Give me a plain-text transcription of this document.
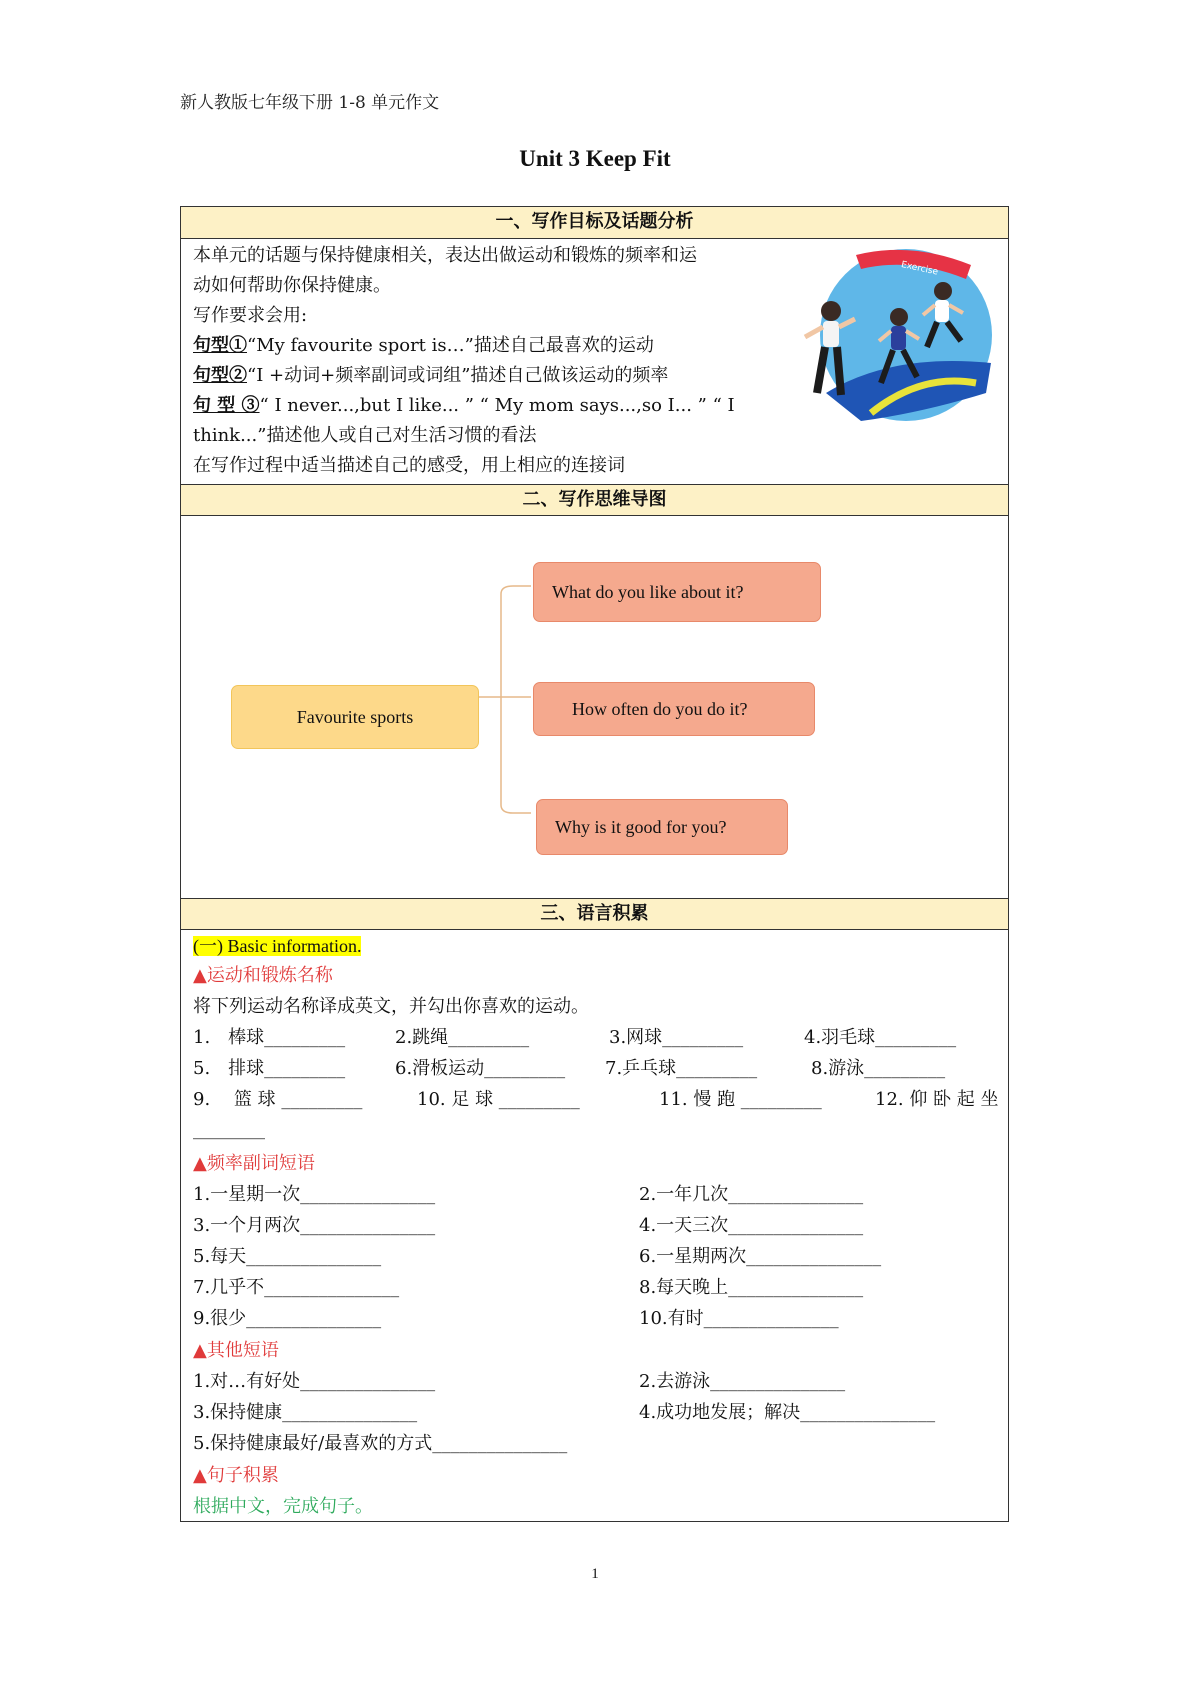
新人教版七年级下册 1-8 单元作文
Unit 3 Keep Fit
一、写作目标及话题分析
本单元的话题与保持健康相关，表达出做运动和锻炼的频率和运
动如何帮助你保持健康。
写作要求会用:
句型①“My favourite sport is…”描述自己最喜欢的运动
句型②“I +动词+频率副词或词组”描述自己做该运动的频率
句 型 ③“ I never...,but I like... ” “ My mom says...,so I... ” “ I
think...”描述他人或自己对生活习惯的看法
在写作过程中适当描述自己的感受，用上相应的连接词
Exercise
二、写作思维导图
Favourite sports
What do you like about it?
How often do you do it?
Why is it good for you?
三、语言积累
(一) Basic information.
▲运动和锻炼名称
将下列运动名称译成英文，并勾出你喜欢的运动。
1.　棒球_________	2.跳绳_________	3.网球_________	4.羽毛球_________
5.　排球_________	6.滑板运动_________ 7.乒乓球_________	8.游泳_________
9.　 篮 球 _________	10. 足 球 _________	11. 慢 跑 _________	12. 仰 卧 起 坐
________
▲频率副词短语
1.一星期一次_______________	2.一年几次_______________
3.一个月两次_______________	4.一天三次_______________
5.每天_______________	6.一星期两次_______________
7.几乎不_______________	8.每天晚上_______________
9.很少_______________	10.有时_______________
▲其他短语
1.对…有好处_______________	2.去游泳_______________
3.保持健康_______________	4.成功地发展；解决_______________
5.保持健康最好/最喜欢的方式_______________
▲句子积累
根据中文，完成句子。
1
